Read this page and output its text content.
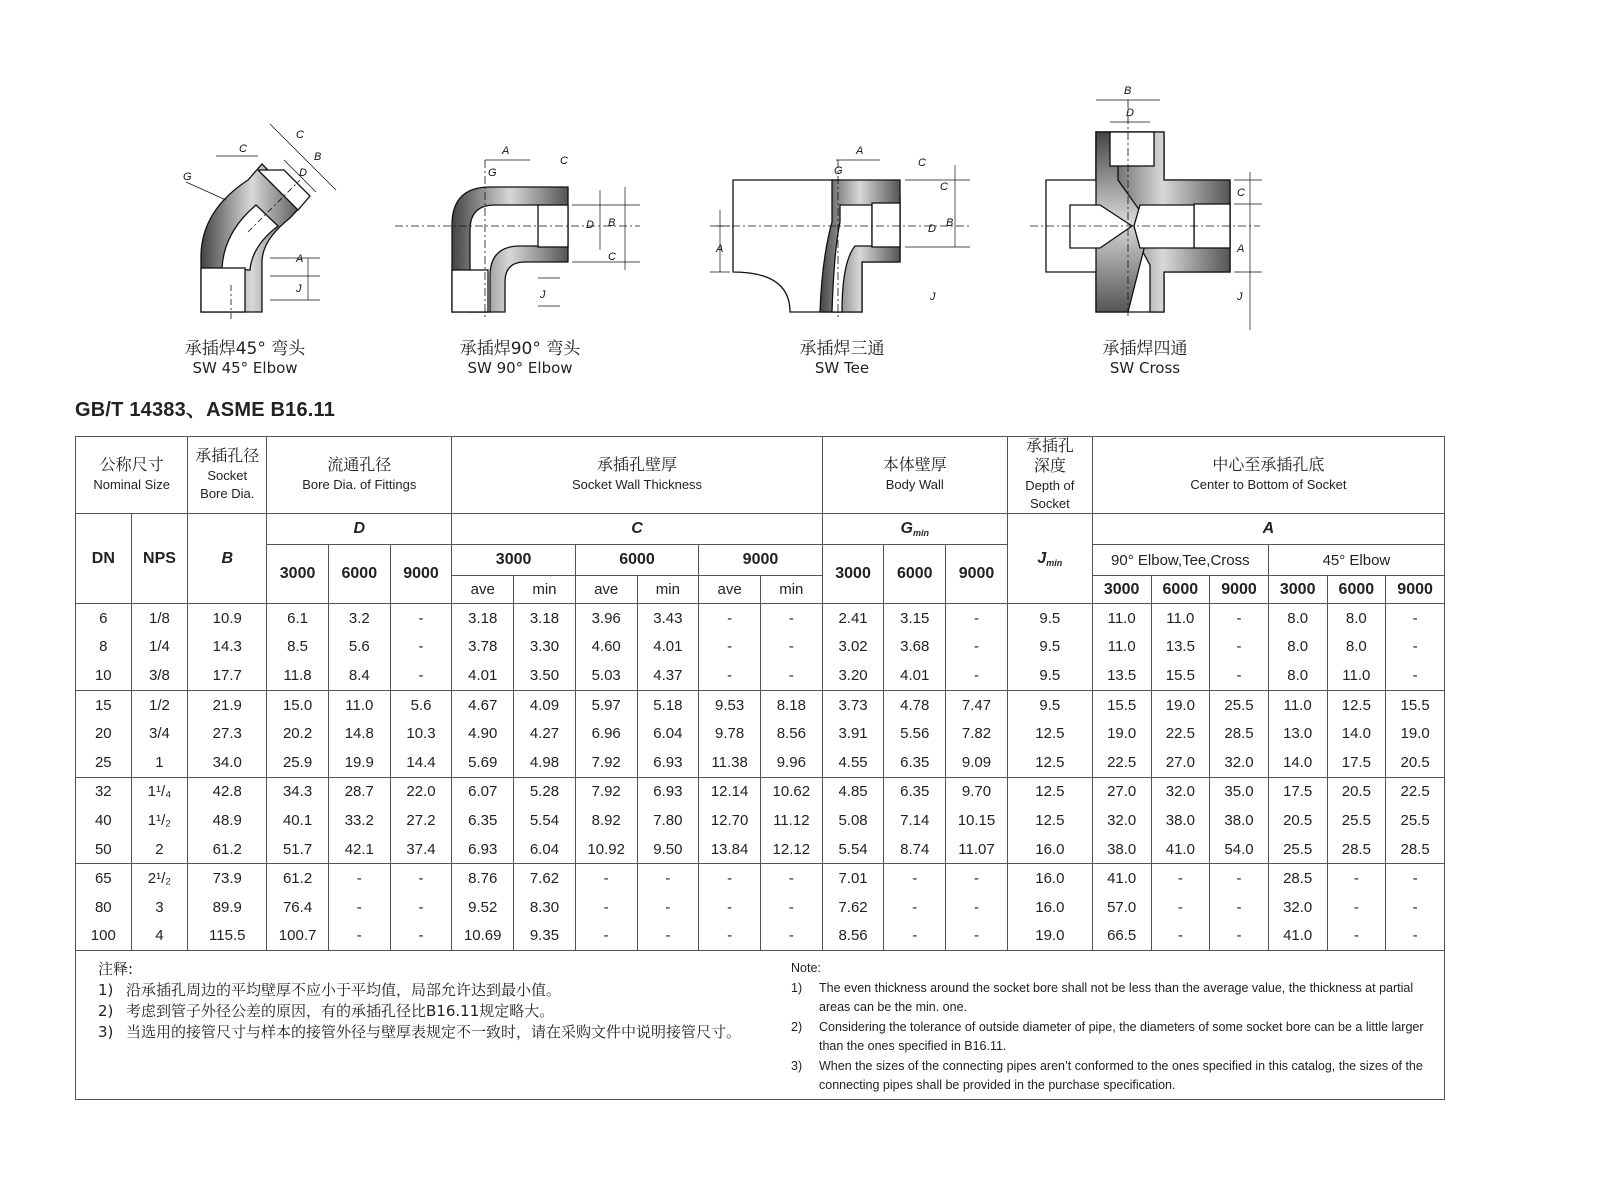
C
G
C
B
D
A
J
A
G
C
D B
C
J
A
G
C
C
D B
A
J
B
D
C
A
J
承插焊45° 弯头
SW 45° Elbow
承插焊90° 弯头
SW 90° Elbow
承插焊三通
SW Tee
承插焊四通
SW Cross
GB/T 14383、ASME B16.11
公称尺寸
Nominal Size		承插孔径
Socket
Bore Dia.	流通孔径
Bore Dia. of Fittings			承插孔壁厚
Socket Wall Thickness						本体壁厚
Body Wall			承插孔
深度
Depth of
Socket	中心至承插孔底
Center to Bottom of Socket					

DN	NPS	B	D			C						$G_{min}$			$J_{min}$	A					
			3000	6000	9000	3000		6000		9000		3000	6000	9000		90° Elbow,Tee,Cross			45° Elbow		
						ave	min	ave	min	ave	min					3000	6000	9000	3000	6000	9000
6	1/8	10.9	6.1	3.2	-	3.18	3.18	3.96	3.43	-	-	2.41	3.15	-	9.5	11.0	11.0	-	8.0	8.0	-
8	1/4	14.3	8.5	5.6	-	3.78	3.30	4.60	4.01	-	-	3.02	3.68	-	9.5	11.0	13.5	-	8.0	8.0	-
10	3/8	17.7	11.8	8.4	-	4.01	3.50	5.03	4.37	-	-	3.20	4.01	-	9.5	13.5	15.5	-	8.0	11.0	-
15	1/2	21.9	15.0	11.0	5.6	4.67	4.09	5.97	5.18	9.53	8.18	3.73	4.78	7.47	9.5	15.5	19.0	25.5	11.0	12.5	15.5
20	3/4	27.3	20.2	14.8	10.3	4.90	4.27	6.96	6.04	9.78	8.56	3.91	5.56	7.82	12.5	19.0	22.5	28.5	13.0	14.0	19.0
25	1	34.0	25.9	19.9	14.4	5.69	4.98	7.92	6.93	11.38	9.96	4.55	6.35	9.09	12.5	22.5	27.0	32.0	14.0	17.5	20.5
32	1¹/₄	42.8	34.3	28.7	22.0	6.07	5.28	7.92	6.93	12.14	10.62	4.85	6.35	9.70	12.5	27.0	32.0	35.0	17.5	20.5	22.5
40	1¹/₂	48.9	40.1	33.2	27.2	6.35	5.54	8.92	7.80	12.70	11.12	5.08	7.14	10.15	12.5	32.0	38.0	38.0	20.5	25.5	25.5
50	2	61.2	51.7	42.1	37.4	6.93	6.04	10.92	9.50	13.84	12.12	5.54	8.74	11.07	16.0	38.0	41.0	54.0	25.5	28.5	28.5
65	2¹/₂	73.9	61.2	-	-	8.76	7.62	-	-	-	-	7.01	-	-	16.0	41.0	-	-	28.5	-	-
80	3	89.9	76.4	-	-	9.52	8.30	-	-	-	-	7.62	-	-	16.0	57.0	-	-	32.0	-	-
100	4	115.5	100.7	-	-	10.69	9.35	-	-	-	-	8.56	-	-	19.0	66.5	-	-	41.0	-	-
注释:
1) 沿承插孔周边的平均壁厚不应小于平均值，局部允许达到最小值。
2) 考虑到管子外径公差的原因，有的承插孔径比B16.11规定略大。
3) 当选用的接管尺寸与样本的接管外径与壁厚表规定不一致时，请在采购文件中说明接管尺寸。
Note:
1)	The even thickness around the socket bore shall not be less than the average value, the thickness at partial areas can be the min. one.
2)	Considering the tolerance of outside diameter of pipe, the diameters of some socket bore can be a little larger than the ones specified in B16.11.
3)	When the sizes of the connecting pipes aren’t conformed to the ones specified in this catalog, the sizes of the connecting pipes shall be provided in the purchase specification.
